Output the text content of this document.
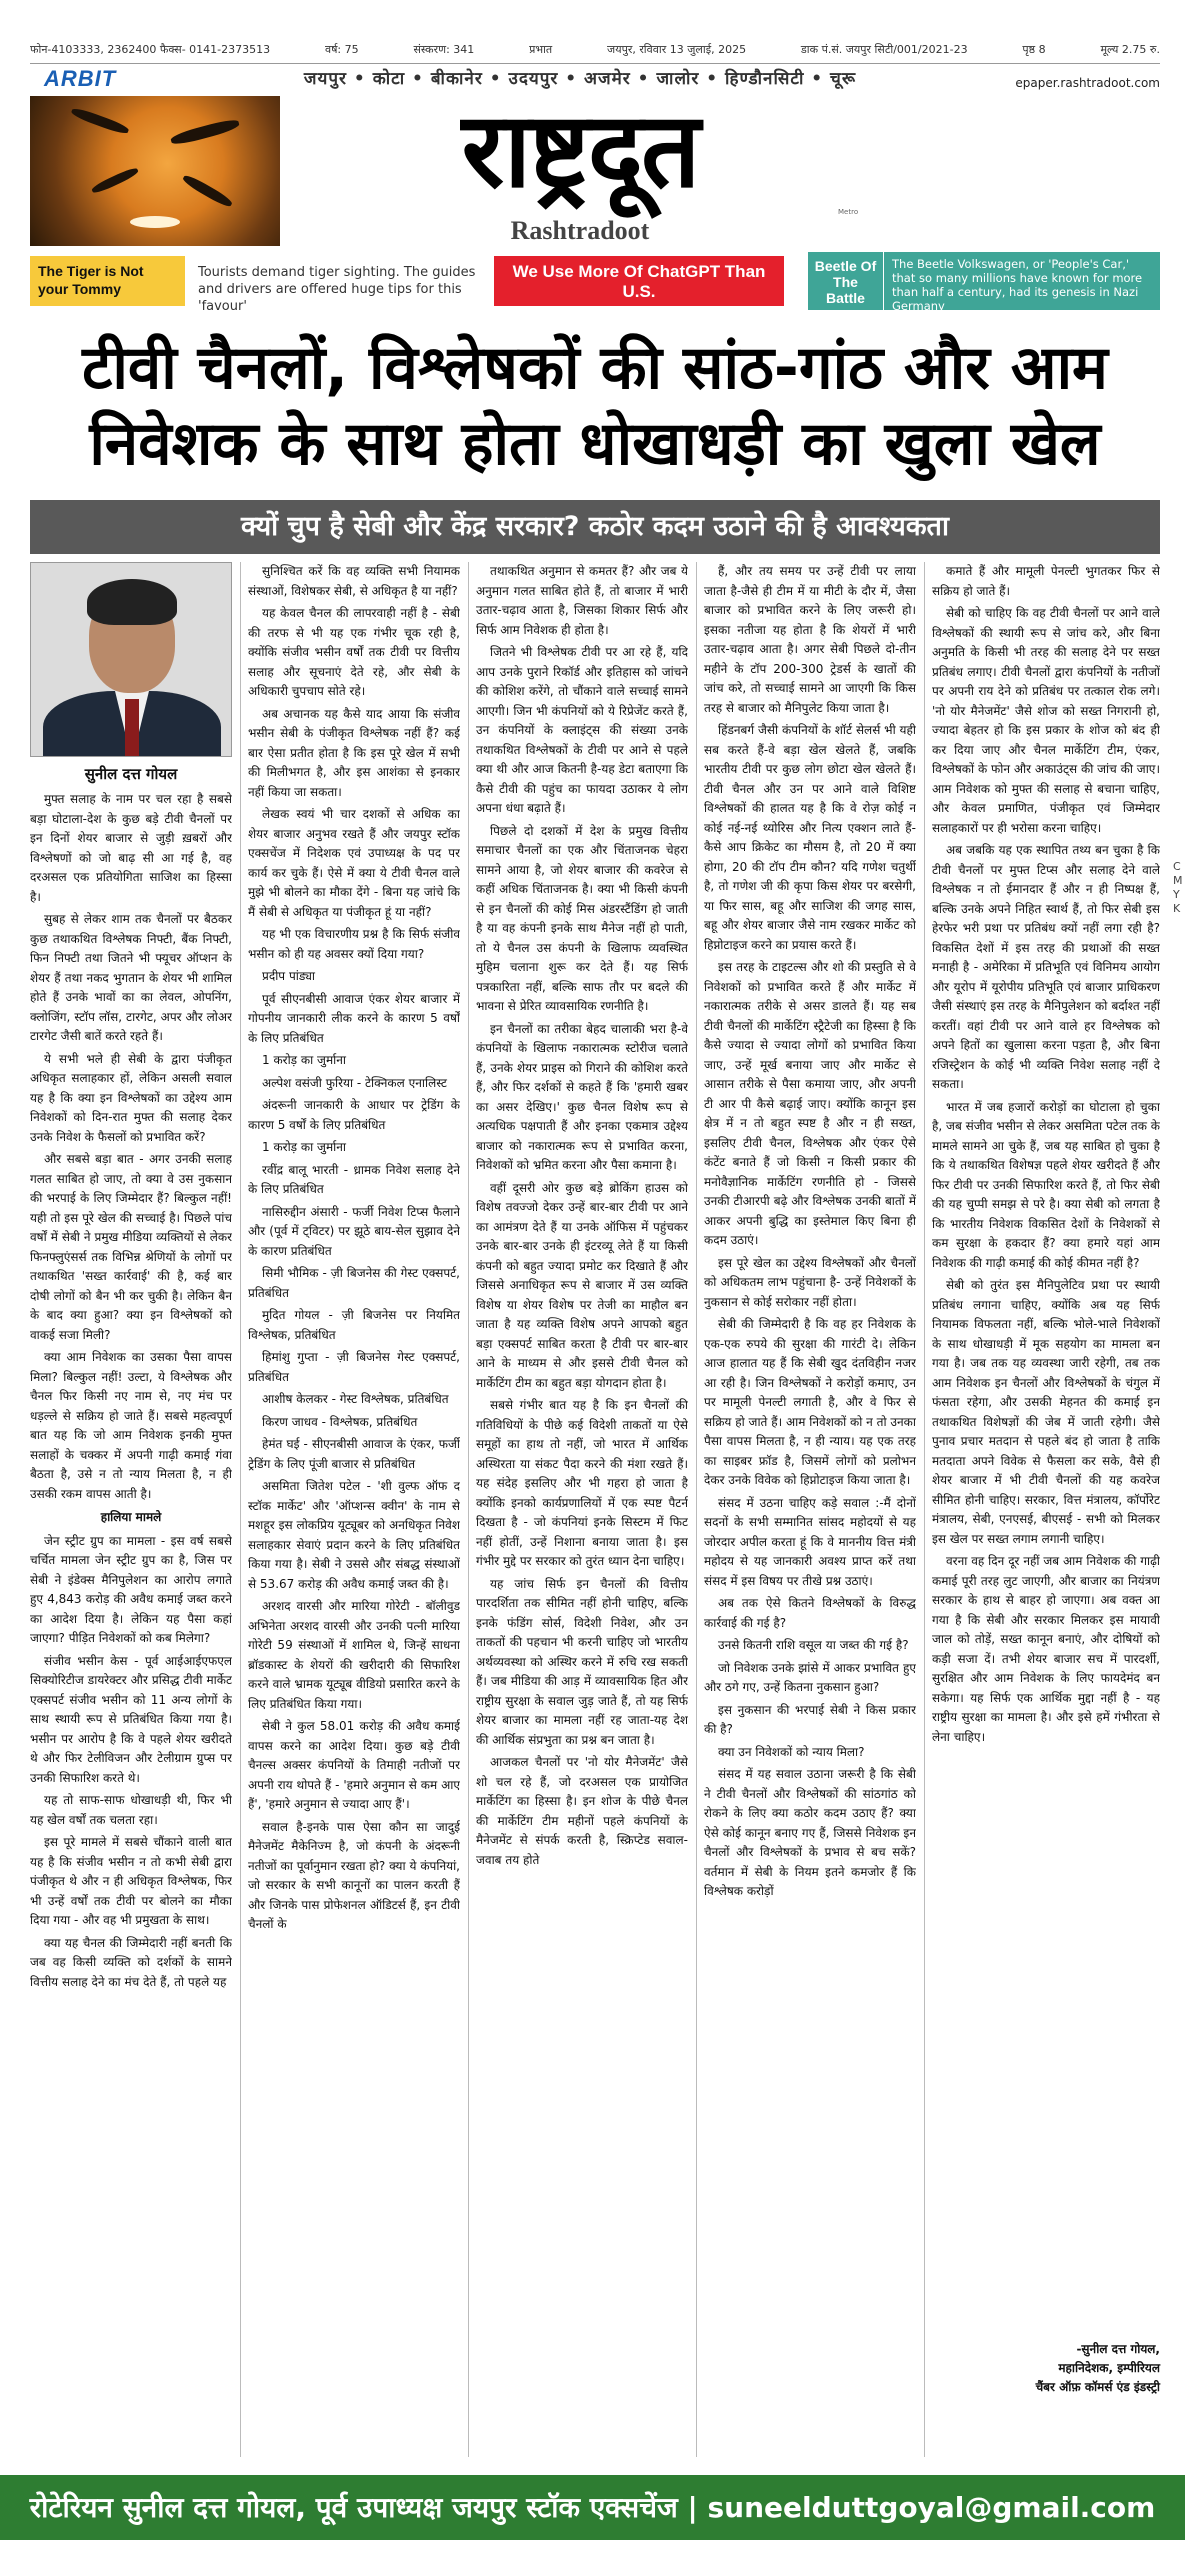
फोन-4103333, 2362400 फैक्स- 0141-2373513	वर्ष: 75	संस्करण: 341	प्रभात	जयपुर, रविवार 13 जुलाई, 2025	डाक पं.सं. जयपुर सिटी/001/2021-23	पृष्ठ 8	मूल्य 2.75 रु.
ARBIT
The Tiger is Not your Tommy
Tourists demand tiger sighting. The guides and drivers are offered huge tips for this 'favour'
जयपुर • कोटा • बीकानेर • उदयपुर • अजमेर • जालोर • हिण्डौनसिटी • चूरू
राष्ट्रदूत
Metro
Rashtradoot
epaper.rashtradoot.com
We Use More Of ChatGPT Than U.S.
Beetle Of The Battle
The Beetle Volkswagen, or 'People's Car,' that so many millions have known for more than half a century, had its genesis in Nazi Germany
टीवी चैनलों, विश्लेषकों की सांठ-गांठ और आम
निवेशक के साथ होता धोखाधड़ी का खुला खेल
क्यों चुप है सेबी और केंद्र सरकार? कठोर कदम उठाने की है आवश्यकता
सुनील दत्त गोयल

मुफ्त सलाह के नाम पर चल रहा है सबसे बड़ा घोटाला-देश के कुछ बड़े टीवी चैनलों पर इन दिनों शेयर बाजार से जुड़ी ख़बरों और विश्लेषणों को जो बाढ़ सी आ गई है, वह दरअसल एक प्रतियोगिता साजिश का हिस्सा है।

सुबह से लेकर शाम तक चैनलों पर बैठकर कुछ तथाकथित विश्लेषक निफ्टी, बैंक निफ्टी, फिन निफ्टी तथा जितने भी फ्यूचर ऑप्शन के शेयर हैं तथा नकद भुगतान के शेयर भी शामिल होते हैं उनके भावों का का लेवल, ओपनिंग, क्लोजिंग, स्टॉप लॉस, टारगेट, अपर और लोअर टारगेट जैसी बातें करते रहते हैं।

ये सभी भले ही सेबी के द्वारा पंजीकृत अधिकृत सलाहकार हों, लेकिन असली सवाल यह है कि क्या इन विश्लेषकों का उद्देश्य आम निवेशकों को दिन-रात मुफ्त की सलाह देकर उनके निवेश के फैसलों को प्रभावित करें?

और सबसे बड़ा बात - अगर उनकी सलाह गलत साबित हो जाए, तो क्या वे उस नुकसान की भरपाई के लिए जिम्मेदार हैं? बिल्कुल नहीं! यही तो इस पूरे खेल की सच्चाई है। पिछले पांच वर्षों में सेबी ने प्रमुख मीडिया व्यक्तियों से लेकर फिनफ्लुएंसर्स तक विभिन्न श्रेणियों के लोगों पर तथाकथित 'सख्त कार्रवाई' की है, कई बार दोषी लोगों को बैन भी कर चुकी है। लेकिन बैन के बाद क्या हुआ? क्या इन विश्लेषकों को वाकई सजा मिली?

क्या आम निवेशक का उसका पैसा वापस मिला? बिल्कुल नहीं! उल्टा, ये विश्लेषक और चैनल फिर किसी नए नाम से, नए मंच पर धड़ल्ले से सक्रिय हो जाते हैं। सबसे महत्वपूर्ण बात यह कि जो आम निवेशक इनकी मुफ्त सलाहों के चक्कर में अपनी गाढ़ी कमाई गंवा बैठता है, उसे न तो न्याय मिलता है, न ही उसकी रकम वापस आती है।

हालिया मामले

जेन स्ट्रीट ग्रुप का मामला - इस वर्ष सबसे चर्चित मामला जेन स्ट्रीट ग्रुप का है, जिस पर सेबी ने इंडेक्स मैनिपुलेशन का आरोप लगाते हुए 4,843 करोड़ की अवैध कमाई जब्त करने का आदेश दिया है। लेकिन यह पैसा कहां जाएगा? पीड़ित निवेशकों को कब मिलेगा?

संजीव भसीन केस - पूर्व आईआईएफएल सिक्योरिटीज डायरेक्टर और प्रसिद्ध टीवी मार्केट एक्सपर्ट संजीव भसीन को 11 अन्य लोगों के साथ स्थायी रूप से प्रतिबंधित किया गया है। भसीन पर आरोप है कि वे पहले शेयर खरीदते थे और फिर टेलीविजन और टेलीग्राम ग्रुप्स पर उनकी सिफारिश करते थे।

यह तो साफ-साफ धोखाधड़ी थी, फिर भी यह खेल वर्षों तक चलता रहा।

इस पूरे मामले में सबसे चौंकाने वाली बात यह है कि संजीव भसीन न तो कभी सेबी द्वारा पंजीकृत थे और न ही अधिकृत विश्लेषक, फिर भी उन्हें वर्षों तक टीवी पर बोलने का मौका दिया गया - और वह भी प्रमुखता के साथ।

क्या यह चैनल की जिम्मेदारी नहीं बनती कि जब वह किसी व्यक्ति को दर्शकों के सामने वित्तीय सलाह देने का मंच देते हैं, तो पहले यह

सुनिश्चित करें कि वह व्यक्ति सभी नियामक संस्थाओं, विशेषकर सेबी, से अधिकृत है या नहीं?

यह केवल चैनल की लापरवाही नहीं है - सेबी की तरफ से भी यह एक गंभीर चूक रही है, क्योंकि संजीव भसीन वर्षों तक टीवी पर वित्तीय सलाह और सूचनाएं देते रहे, और सेबी के अधिकारी चुपचाप सोते रहे।

अब अचानक यह कैसे याद आया कि संजीव भसीन सेबी के पंजीकृत विश्लेषक नहीं हैं? कई बार ऐसा प्रतीत होता है कि इस पूरे खेल में सभी की मिलीभगत है, और इस आशंका से इनकार नहीं किया जा सकता।

लेखक स्वयं भी चार दशकों से अधिक का शेयर बाजार अनुभव रखते हैं और जयपुर स्टॉक एक्सचेंज में निदेशक एवं उपाध्यक्ष के पद पर कार्य कर चुके हैं। ऐसे में क्या ये टीवी चैनल वाले मुझे भी बोलने का मौका देंगे - बिना यह जांचे कि मैं सेबी से अधिकृत या पंजीकृत हूं या नहीं?

यह भी एक विचारणीय प्रश्न है कि सिर्फ संजीव भसीन को ही यह अवसर क्यों दिया गया?

प्रदीप पांड्या

पूर्व सीएनबीसी आवाज एंकर शेयर बाजार में गोपनीय जानकारी लीक करने के कारण 5 वर्षों के लिए प्रतिबंधित

1 करोड़ का जुर्माना

अल्पेश वसंजी फुरिया - टेक्निकल एनालिस्ट

अंदरूनी जानकारी के आधार पर ट्रेडिंग के कारण 5 वर्षों के लिए प्रतिबंधित

1 करोड़ का जुर्माना

रवींद्र बालू भारती - ध्रामक निवेश सलाह देने के लिए प्रतिबंधित

नासिरुद्दीन अंसारी - फर्जी निवेश टिप्स फैलाने और (पूर्व में ट्विटर) पर झूठे बाय-सेल सुझाव देने के कारण प्रतिबंधित

सिमी भौमिक - ज़ी बिजनेस की गेस्ट एक्सपर्ट, प्रतिबंधित

मुदित गोयल - ज़ी बिजनेस पर नियमित विश्लेषक, प्रतिबंधित

हिमांशु गुप्ता - ज़ी बिजनेस गेस्ट एक्सपर्ट, प्रतिबंधित

आशीष केलकर - गेस्ट विश्लेषक, प्रतिबंधित

किरण जाधव - विश्लेषक, प्रतिबंधित

हेमंत घई - सीएनबीसी आवाज के एंकर, फर्जी ट्रेडिंग के लिए पूंजी बाजार से प्रतिबंधित

असमिता जितेश पटेल - 'शी वुल्फ ऑफ द स्टॉक मार्केट' और 'ऑप्शन्स क्वीन' के नाम से मशहूर इस लोकप्रिय यूट्यूबर को अनधिकृत निवेश सलाहकार सेवाएं प्रदान करने के लिए प्रतिबंधित किया गया है। सेबी ने उससे और संबद्ध संस्थाओं से 53.67 करोड़ की अवैध कमाई जब्त की है।

अरशद वारसी और मारिया गोरेटी - बॉलीवुड अभिनेता अरशद वारसी और उनकी पत्नी मारिया गोरेटी 59 संस्थाओं में शामिल थे, जिन्हें साधना ब्रॉडकास्ट के शेयरों की खरीदारी की सिफारिश करने वाले भ्रामक यूट्यूब वीडियो प्रसारित करने के लिए प्रतिबंधित किया गया।

सेबी ने कुल 58.01 करोड़ की अवैध कमाई वापस करने का आदेश दिया। कुछ बड़े टीवी चैनल्स अक्सर कंपनियों के तिमाही नतीजों पर अपनी राय थोपते हैं - 'हमारे अनुमान से कम आए हैं', 'हमारे अनुमान से ज्यादा आए हैं'।

सवाल है-इनके पास ऐसा कौन सा जादुई मैनेजमेंट मैकेनिज्म है, जो कंपनी के अंदरूनी नतीजों का पूर्वानुमान रखता हो? क्या ये कंपनियां, जो सरकार के सभी कानूनों का पालन करती हैं और जिनके पास प्रोफेशनल ऑडिटर्स हैं, इन टीवी चैनलों के

तथाकथित अनुमान से कमतर हैं? और जब ये अनुमान गलत साबित होते हैं, तो बाजार में भारी उतार-चढ़ाव आता है, जिसका शिकार सिर्फ और सिर्फ आम निवेशक ही होता है।

जितने भी विश्लेषक टीवी पर आ रहे हैं, यदि आप उनके पुराने रिकॉर्ड और इतिहास को जांचने की कोशिश करेंगे, तो चौंकाने वाले सच्चाई सामने आएगी। जिन भी कंपनियों को ये रिप्रेजेंट करते हैं, उन कंपनियों के क्लाइंट्स की संख्या उनके तथाकथित विश्लेषकों के टीवी पर आने से पहले क्या थी और आज कितनी है-यह डेटा बताएगा कि कैसे टीवी की पहुंच का फायदा उठाकर ये लोग अपना धंधा बढ़ाते हैं।

पिछले दो दशकों में देश के प्रमुख वित्तीय समाचार चैनलों का एक और चिंताजनक चेहरा सामने आया है, जो शेयर बाजार की कवरेज से कहीं अधिक चिंताजनक है। क्या भी किसी कंपनी से इन चैनलों की कोई मिस अंडरस्टैंडिंग हो जाती है या वह कंपनी इनके साथ मैनेज नहीं हो पाती, तो ये चैनल उस कंपनी के खिलाफ व्यवस्थित मुहिम चलाना शुरू कर देते हैं। यह सिर्फ पत्रकारिता नहीं, बल्कि साफ तौर पर बदले की भावना से प्रेरित व्यावसायिक रणनीति है।

इन चैनलों का तरीका बेहद चालाकी भरा है-वे कंपनियों के खिलाफ नकारात्मक स्टोरीज चलाते हैं, उनके शेयर प्राइस को गिराने की कोशिश करते हैं, और फिर दर्शकों से कहते हैं कि 'हमारी खबर का असर देखिए।' कुछ चैनल विशेष रूप से अत्यधिक पक्षपाती हैं और इनका एकमात्र उद्देश्य बाजार को नकारात्मक रूप से प्रभावित करना, निवेशकों को भ्रमित करना और पैसा कमाना है।

वहीं दूसरी ओर कुछ बड़े ब्रोकिंग हाउस को विशेष तवज्जो देकर उन्हें बार-बार टीवी पर आने का आमंत्रण देते हैं या उनके ऑफिस में पहुंचकर उनके बार-बार उनके ही इंटरव्यू लेते हैं या किसी कंपनी को बहुत ज्यादा प्रमोट कर दिखाते हैं और जिससे अनाधिकृत रूप से बाजार में उस व्यक्ति विशेष या शेयर विशेष पर तेजी का माहौल बन जाता है यह व्यक्ति विशेष अपने आपको बहुत बड़ा एक्सपर्ट साबित करता है टीवी पर बार-बार आने के माध्यम से और इससे टीवी चैनल को मार्केटिंग टीम का बहुत बड़ा योगदान होता है।

सबसे गंभीर बात यह है कि इन चैनलों की गतिविधियों के पीछे कई विदेशी ताकतों या ऐसे समूहों का हाथ तो नहीं, जो भारत में आर्थिक अस्थिरता या संकट पैदा करने की मंशा रखते हैं। यह संदेह इसलिए और भी गहरा हो जाता है क्योंकि इनको कार्यप्रणालियों में एक स्पष्ट पैटर्न दिखता है - जो कंपनियां इनके सिस्टम में फिट नहीं होतीं, उन्हें निशाना बनाया जाता है। इस गंभीर मुद्दे पर सरकार को तुरंत ध्यान देना चाहिए।

यह जांच सिर्फ इन चैनलों की वित्तीय पारदर्शिता तक सीमित नहीं होनी चाहिए, बल्कि इनके फंडिंग सोर्स, विदेशी निवेश, और उन ताकतों की पहचान भी करनी चाहिए जो भारतीय अर्थव्यवस्था को अस्थिर करने में रुचि रख सकती हैं। जब मीडिया की आड़ में व्यावसायिक हित और राष्ट्रीय सुरक्षा के सवाल जुड़ जाते हैं, तो यह सिर्फ शेयर बाजार का मामला नहीं रह जाता-यह देश की आर्थिक संप्रभुता का प्रश्न बन जाता है।

आजकल चैनलों पर 'नो योर मैनेजमेंट' जैसे शो चल रहे हैं, जो दरअसल एक प्रायोजित मार्केटिंग का हिस्सा है। इन शोज के पीछे चैनल की मार्केटिंग टीम महीनों पहले कंपनियों के मैनेजमेंट से संपर्क करती है, स्क्रिप्टेड सवाल-जवाब तय होते

हैं, और तय समय पर उन्हें टीवी पर लाया जाता है-जैसे ही टीम में या मीटी के दौर में, जैसा बाजार को प्रभावित करने के लिए जरूरी हो। इसका नतीजा यह होता है कि शेयरों में भारी उतार-चढ़ाव आता है। अगर सेबी पिछले दो-तीन महीने के टॉप 200-300 ट्रेडर्स के खातों की जांच करे, तो सच्चाई सामने आ जाएगी कि किस तरह से बाजार को मैनिपुलेट किया जाता है।

हिंडनबर्ग जैसी कंपनियों के शॉर्ट सेलर्स भी यही सब करते हैं-वे बड़ा खेल खेलते हैं, जबकि भारतीय टीवी पर कुछ लोग छोटा खेल खेलते हैं। टीवी चैनल और उन पर आने वाले विशिष्ट विश्लेषकों की हालत यह है कि वे रोज़ कोई न कोई नई-नई थ्योरिस और नित्य एक्शन लाते हैं-कैसे आप क्रिकेट का मौसम है, तो 20 में क्या होगा, 20 की टॉप टीम कौन? यदि गणेश चतुर्थी है, तो गणेश जी की कृपा किस शेयर पर बरसेगी, या फिर सास, बहू और साजिश की जगह सास, बहू और शेयर बाजार जैसे नाम रखकर मार्केट को हिप्नोटाइज करने का प्रयास करते हैं।

इस तरह के टाइटल्स और शो की प्रस्तुति से वे निवेशकों को प्रभावित करते हैं और मार्केट में नकारात्मक तरीके से असर डालते हैं। यह सब टीवी चैनलों की मार्केटिंग स्ट्रैटेजी का हिस्सा है कि कैसे ज्यादा से ज्यादा लोगों को प्रभावित किया जाए, उन्हें मूर्ख बनाया जाए और मार्केट से आसान तरीके से पैसा कमाया जाए, और अपनी टी आर पी कैसे बढ़ाई जाए। क्योंकि कानून इस क्षेत्र में न तो बहुत स्पष्ट है और न ही सख्त, इसलिए टीवी चैनल, विश्लेषक और एंकर ऐसे कंटेंट बनाते हैं जो किसी न किसी प्रकार की मनोवैज्ञानिक मार्केटिंग रणनीति हो - जिससे उनकी टीआरपी बढ़े और विश्लेषक उनकी बातों में आकर अपनी बुद्धि का इस्तेमाल किए बिना ही कदम उठाएं।

इस पूरे खेल का उद्देश्य विश्लेषकों और चैनलों को अधिकतम लाभ पहुंचाना है- उन्हें निवेशकों के नुकसान से कोई सरोकार नहीं होता।

सेबी की जिम्मेदारी है कि वह हर निवेशक के एक-एक रुपये की सुरक्षा की गारंटी दे। लेकिन आज हालात यह हैं कि सेबी खुद दंतविहीन नजर आ रही है। जिन विश्लेषकों ने करोड़ों कमाए, उन पर मामूली पेनल्टी लगाती है, और वे फिर से सक्रिय हो जाते हैं। आम निवेशकों को न तो उनका पैसा वापस मिलता है, न ही न्याय। यह एक तरह का साइबर फ्रॉड है, जिसमें लोगों को प्रलोभन देकर उनके विवेक को हिप्नोटाइज किया जाता है।

संसद में उठना चाहिए कड़े सवाल :-मैं दोनों सदनों के सभी सम्मानित सांसद महोदयों से यह जोरदार अपील करता हूं कि वे माननीय वित्त मंत्री महोदय से यह जानकारी अवश्य प्राप्त करें तथा संसद में इस विषय पर तीखे प्रश्न उठाएं।

अब तक ऐसे कितने विश्लेषकों के विरुद्ध कार्रवाई की गई है?

उनसे कितनी राशि वसूल या जब्त की गई है?

जो निवेशक उनके झांसे में आकर प्रभावित हुए और ठगे गए, उन्हें कितना नुकसान हुआ?

इस नुकसान की भरपाई सेबी ने किस प्रकार की है?

क्या उन निवेशकों को न्याय मिला?

संसद में यह सवाल उठाना जरूरी है कि सेबी ने टीवी चैनलों और विश्लेषकों की सांठगांठ को रोकने के लिए क्या कठोर कदम उठाए हैं? क्या ऐसे कोई कानून बनाए गए हैं, जिससे निवेशक इन चैनलों और विश्लेषकों के प्रभाव से बच सकें? वर्तमान में सेबी के नियम इतने कमजोर हैं कि विश्लेषक करोड़ों

कमाते हैं और मामूली पेनल्टी भुगतकर फिर से सक्रिय हो जाते हैं।

सेबी को चाहिए कि वह टीवी चैनलों पर आने वाले विश्लेषकों की स्थायी रूप से जांच करे, और बिना अनुमति के किसी भी तरह की सलाह देने पर सख्त प्रतिबंध लगाए। टीवी चैनलों द्वारा कंपनियों के नतीजों पर अपनी राय देने को प्रतिबंध पर तत्काल रोक लगे। 'नो योर मैनेजमेंट' जैसे शोज को सख्त निगरानी हो, ज्यादा बेहतर हो कि इस प्रकार के शोज को बंद ही कर दिया जाए और चैनल मार्केटिंग टीम, एंकर, विश्लेषकों के फोन और अकाउंट्स की जांच की जाए। आम निवेशक को मुफ्त की सलाह से बचाना चाहिए, और केवल प्रमाणित, पंजीकृत एवं जिम्मेदार सलाहकारों पर ही भरोसा करना चाहिए।

अब जबकि यह एक स्थापित तथ्य बन चुका है कि टीवी चैनलों पर मुफ्त टिप्स और सलाह देने वाले विश्लेषक न तो ईमानदार हैं और न ही निष्पक्ष हैं, बल्कि उनके अपने निहित स्वार्थ हैं, तो फिर सेबी इस हेरफेर भरी प्रथा पर प्रतिबंध क्यों नहीं लगा रही है? विकसित देशों में इस तरह की प्रथाओं की सख्त मनाही है - अमेरिका में प्रतिभूति एवं विनिमय आयोग और यूरोप में यूरोपीय प्रतिभूति एवं बाजार प्राधिकरण जैसी संस्थाएं इस तरह के मैनिपुलेशन को बर्दाश्त नहीं करतीं। वहां टीवी पर आने वाले हर विश्लेषक को अपने हितों का खुलासा करना पड़ता है, और बिना रजिस्ट्रेशन के कोई भी व्यक्ति निवेश सलाह नहीं दे सकता।

भारत में जब हजारों करोड़ों का घोटाला हो चुका है, जब संजीव भसीन से लेकर असमिता पटेल तक के मामले सामने आ चुके हैं, जब यह साबित हो चुका है कि ये तथाकथित विशेषज्ञ पहले शेयर खरीदते हैं और फिर टीवी पर उनकी सिफारिश करते हैं, तो फिर सेबी की यह चुप्पी समझ से परे है। क्या सेबी को लगता है कि भारतीय निवेशक विकसित देशों के निवेशकों से कम सुरक्षा के हकदार हैं? क्या हमारे यहां आम निवेशक की गाढ़ी कमाई की कोई कीमत नहीं है?

सेबी को तुरंत इस मैनिपुलेटिव प्रथा पर स्थायी प्रतिबंध लगाना चाहिए, क्योंकि अब यह सिर्फ नियामक विफलता नहीं, बल्कि भोले-भाले निवेशकों के साथ धोखाधड़ी में मूक सहयोग का मामला बन गया है। जब तक यह व्यवस्था जारी रहेगी, तब तक आम निवेशक इन चैनलों और विश्लेषकों के चंगुल में फंसता रहेगा, और उसकी मेहनत की कमाई इन तथाकथित विशेषज्ञों की जेब में जाती रहेगी। जैसे पुनाव प्रचार मतदान से पहले बंद हो जाता है ताकि मतदाता अपने विवेक से फैसला कर सके, वैसे ही शेयर बाजार में भी टीवी चैनलों की यह कवरेज सीमित होनी चाहिए। सरकार, वित्त मंत्रालय, कॉर्पोरेट मंत्रालय, सेबी, एनएसई, बीएसई - सभी को मिलकर इस खेल पर सख्त लगाम लगानी चाहिए।

वरना वह दिन दूर नहीं जब आम निवेशक की गाढ़ी कमाई पूरी तरह लुट जाएगी, और बाजार का नियंत्रण सरकार के हाथ से बाहर हो जाएगा। अब वक्त आ गया है कि सेबी और सरकार मिलकर इस मायावी जाल को तोड़ें, सख्त कानून बनाएं, और दोषियों को कड़ी सजा दें। तभी शेयर बाजार सच में पारदर्शी, सुरक्षित और आम निवेशक के लिए फायदेमंद बन सकेगा। यह सिर्फ एक आर्थिक मुद्दा नहीं है - यह राष्ट्रीय सुरक्षा का मामला है। और इसे हमें गंभीरता से लेना चाहिए।

-सुनील दत्त गोयल,
महानिदेशक, इम्पीरियल
चैंबर ऑफ़ कॉमर्स एंड इंडस्ट्री
C M Y K
रोटेरियन सुनील दत्त गोयल, पूर्व उपाध्यक्ष जयपुर स्टॉक एक्सचेंज | suneelduttgoyal@gmail.com
